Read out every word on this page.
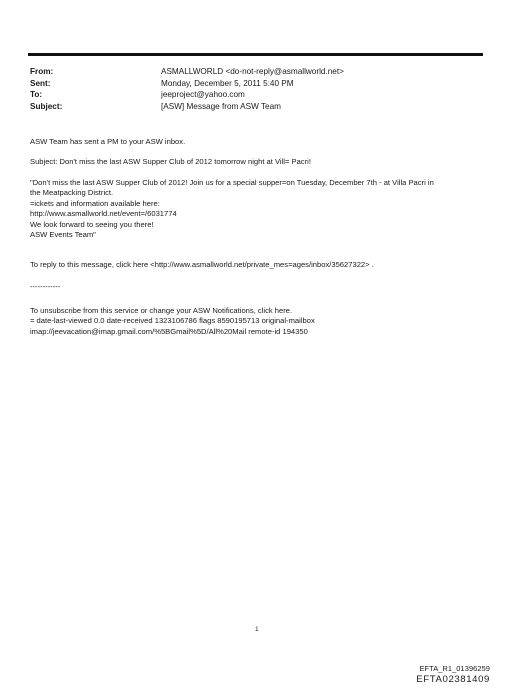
From:	ASMALLWORLD <do-not-reply@asmallworld.net>
Sent:	Monday, December 5, 2011 5:40 PM
To:	jeeproject@yahoo.com
Subject:	[ASW] Message from ASW Team

ASW Team has sent a PM to your ASW inbox.

Subject: Don't miss the last ASW Supper Club of 2012 tomorrow night at Vill= Pacri!

"Don't miss the last ASW Supper Club of 2012! Join us for a special supper=on Tuesday, December 7th - at Villa Pacri in

the Meatpacking District.

=ickets and information available here:

http://www.asmallworld.net/event=/6031774

We look forward to seeing you there!

ASW Events Team"

To reply to this message, click here <http://www.asmallworld.net/private_mes=ages/inbox/35627322> .

------------

To unsubscribe from this service or change your ASW Notifications, click here.

= date-last-viewed 0.0 date-received 1323106786 flags 8590195713 original-mailbox

imap://jeevacation@imap.gmail.com/%5BGmail%5D/All%20Mail remote-id 194350

1
EFTA_R1_01396259
EFTA02381409
